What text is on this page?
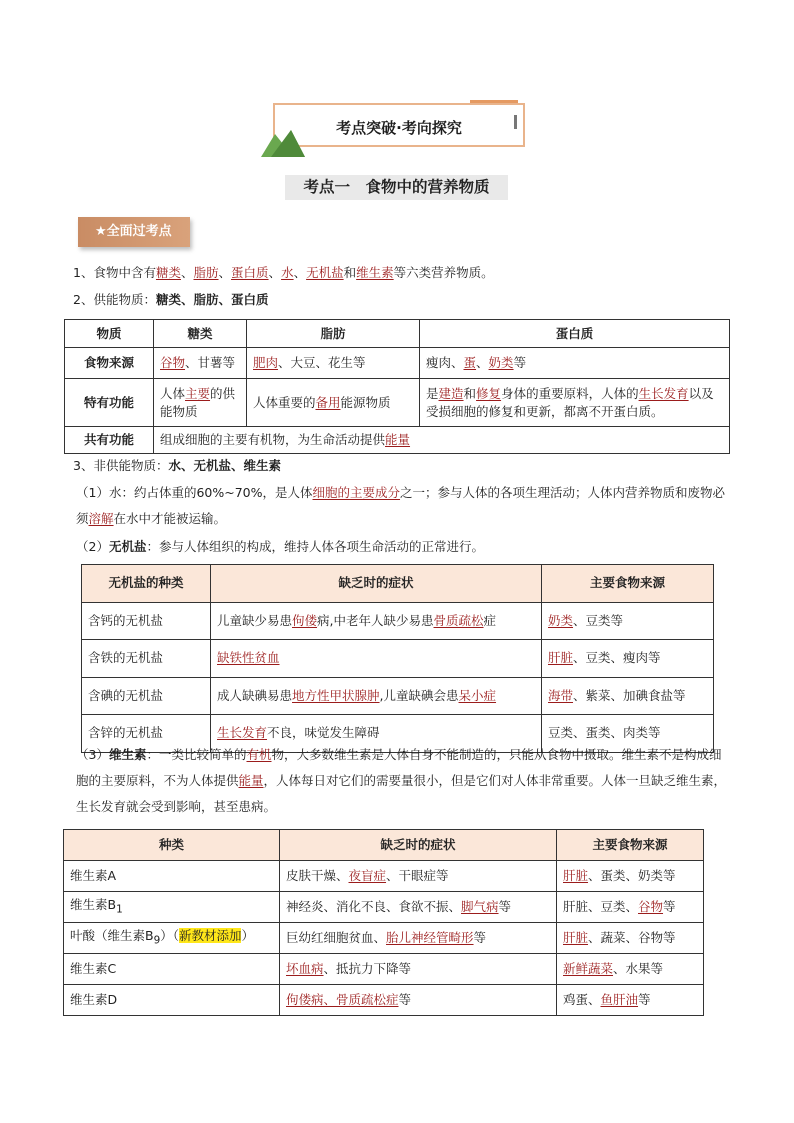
考点突破·考向探究
考点一　食物中的营养物质
★全面过考点
1、食物中含有糖类、脂肪、蛋白质、水、无机盐和维生素等六类营养物质。
2、供能物质：糖类、脂肪、蛋白质
物质	糖类	脂肪	蛋白质
食物来源	谷物、甘薯等	肥肉、大豆、花生等	瘦肉、蛋、奶类等
特有功能	人体主要的供能物质	人体重要的备用能源物质	是建造和修复身体的重要原料，人体的生长发育以及受损细胞的修复和更新，都离不开蛋白质。
共有功能	组成细胞的主要有机物，为生命活动提供能量		
3、非供能物质：水、无机盐、维生素
（1）水：约占体重的60%~70%，是人体细胞的主要成分之一；参与人体的各项生理活动；人体内营养物质和废物必须溶解在水中才能被运输。
（2）无机盐：参与人体组织的构成，维持人体各项生命活动的正常进行。
无机盐的种类	缺乏时的症状	主要食物来源
含钙的无机盐	儿童缺少易患佝偻病,中老年人缺少易患骨质疏松症	奶类、豆类等
含铁的无机盐	缺铁性贫血	肝脏、豆类、瘦肉等
含碘的无机盐	成人缺碘易患地方性甲状腺肿,儿童缺碘会患呆小症	海带、紫菜、加碘食盐等
含锌的无机盐	生长发育不良，味觉发生障碍	豆类、蛋类、肉类等
（3）维生素：一类比较简单的有机物，大多数维生素是人体自身不能制造的，只能从食物中摄取。维生素不是构成细胞的主要原料，不为人体提供能量，人体每日对它们的需要量很小，但是它们对人体非常重要。人体一旦缺乏维生素，生长发育就会受到影响，甚至患病。
种类	缺乏时的症状	主要食物来源
维生素A	皮肤干燥、夜盲症、干眼症等	肝脏、蛋类、奶类等
维生素$B_1$	神经炎、消化不良、食欲不振、脚气病等	肝脏、豆类、谷物等
叶酸（维生素$B_9$）（新教材添加）	巨幼红细胞贫血、胎儿神经管畸形等	肝脏、蔬菜、谷物等
维生素C	坏血病、抵抗力下降等	新鲜蔬菜、水果等
维生素D	佝偻病、骨质疏松症等	鸡蛋、鱼肝油等
